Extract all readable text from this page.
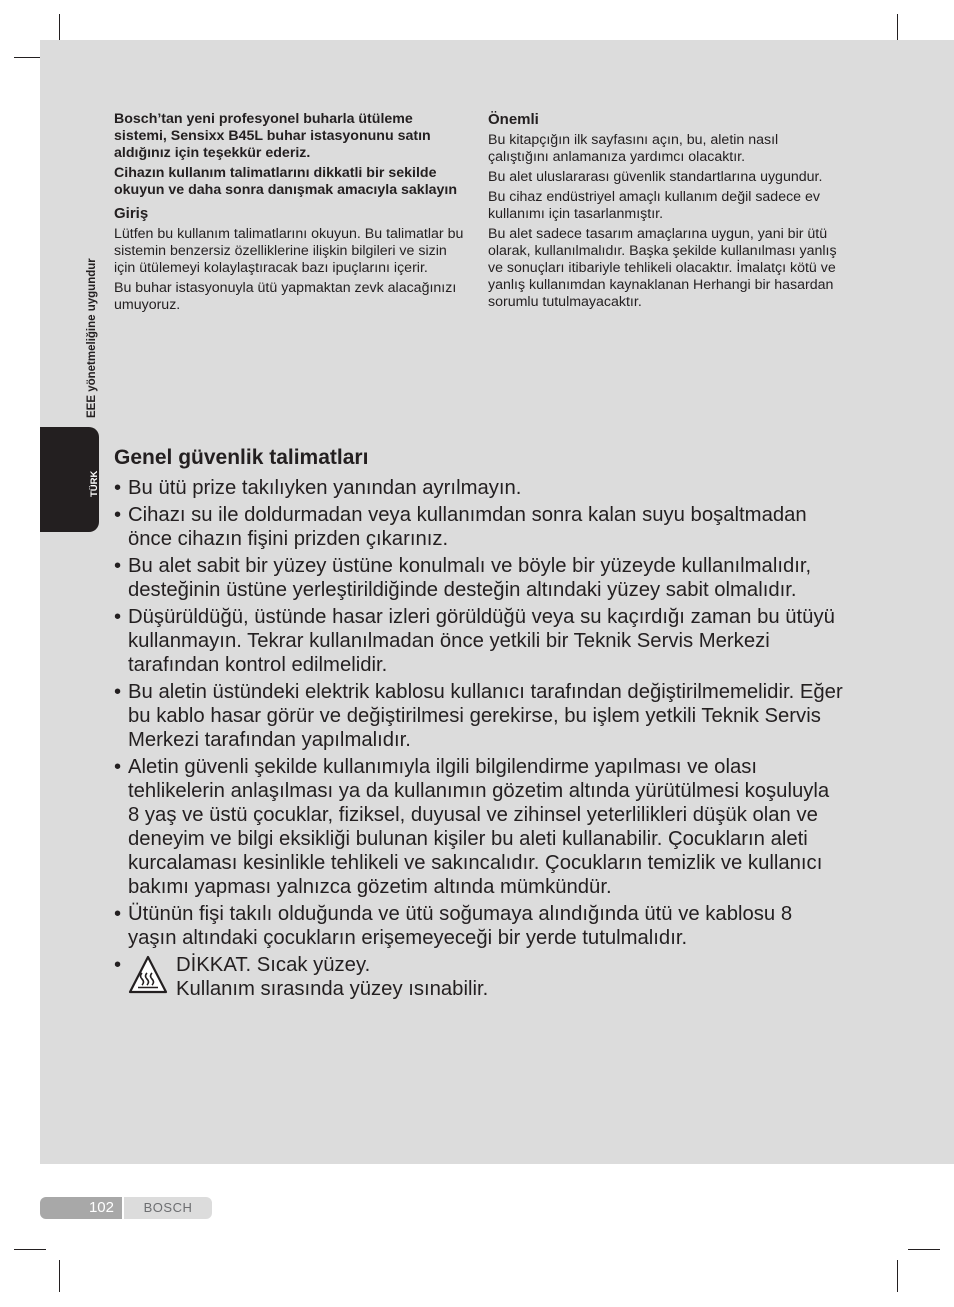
EEE yönetmeliğine uygundur
TÜRK

Bosch’tan yeni profesyonel buharla ütüleme sistemi, Sensixx B45L buhar istasyonunu satın aldığınız için teşekkür ederiz.

Cihazın kullanım talimatlarını dikkatli bir sekilde okuyun ve daha sonra danışmak amacıyla saklayın

Giriş

Lütfen bu kullanım talimatlarını okuyun. Bu talimatlar bu sistemin benzersiz özelliklerine ilişkin bilgileri ve sizin için ütülemeyi kolaylaştıracak bazı ipuçlarını içerir.

Bu buhar istasyonuyla ütü yapmaktan zevk alacağınızı umuyoruz.

Önemli

Bu kitapçığın ilk sayfasını açın, bu, aletin nasıl çalıştığını anlamanıza yardımcı olacaktır.

Bu alet uluslararası güvenlik standartlarına uygundur.

Bu cihaz endüstriyel amaçlı kullanım değil sadece ev kullanımı için tasarlanmıştır.

Bu alet sadece tasarım amaçlarına uygun, yani bir ütü olarak, kullanılmalıdır. Başka şekilde kullanılması yanlış ve sonuçları itibariyle tehlikeli olacaktır. İmalatçı kötü ve yanlış kullanımdan kaynaklanan Herhangi bir hasardan sorumlu tutulmayacaktır.

Genel güvenlik talimatları
• Bu ütü prize takılıyken yanından ayrılmayın.
• Cihazı su ile doldurmadan veya kullanımdan sonra kalan suyu boşaltmadan önce cihazın fişini prizden çıkarınız.
• Bu alet sabit bir yüzey üstüne konulmalı ve böyle bir yüzeyde kullanılmalıdır, desteğinin üstüne yerleştirildiğinde desteğin altındaki yüzey sabit olmalıdır.
• Düşürüldüğü, üstünde hasar izleri görüldüğü veya su kaçırdığı zaman bu ütüyü kullanmayın. Tekrar kullanılmadan önce yetkili bir Teknik Servis Merkezi tarafından kontrol edilmelidir.
• Bu aletin üstündeki elektrik kablosu kullanıcı tarafından değiştirilmemelidir. Eğer bu kablo hasar görür ve değiştirilmesi gerekirse, bu işlem yetkili Teknik Servis Merkezi tarafından yapılmalıdır.
• Aletin güvenli şekilde kullanımıyla ilgili bilgilendirme yapılması ve olası tehlikelerin anlaşılması ya da kullanımın gözetim altında yürütülmesi koşuluyla 8 yaş ve üstü çocuklar, fiziksel, duyusal ve zihinsel yeterlilikleri düşük olan ve deneyim ve bilgi eksikliği bulunan kişiler bu aleti kullanabilir. Çocukların aleti kurcalaması kesinlikle tehlikeli ve sakıncalıdır. Çocukların temizlik ve kullanıcı bakımı yapması yalnızca gözetim altında mümkündür.
• Ütünün fişi takılı olduğunda ve ütü soğumaya alındığında ütü ve kablosu 8 yaşın altındaki çocukların erişemeyeceği bir yerde tutulmalıdır.
•	DİKKAT. Sıcak yüzey.
Kullanım sırasında yüzey ısınabilir.
102	BOSCH
